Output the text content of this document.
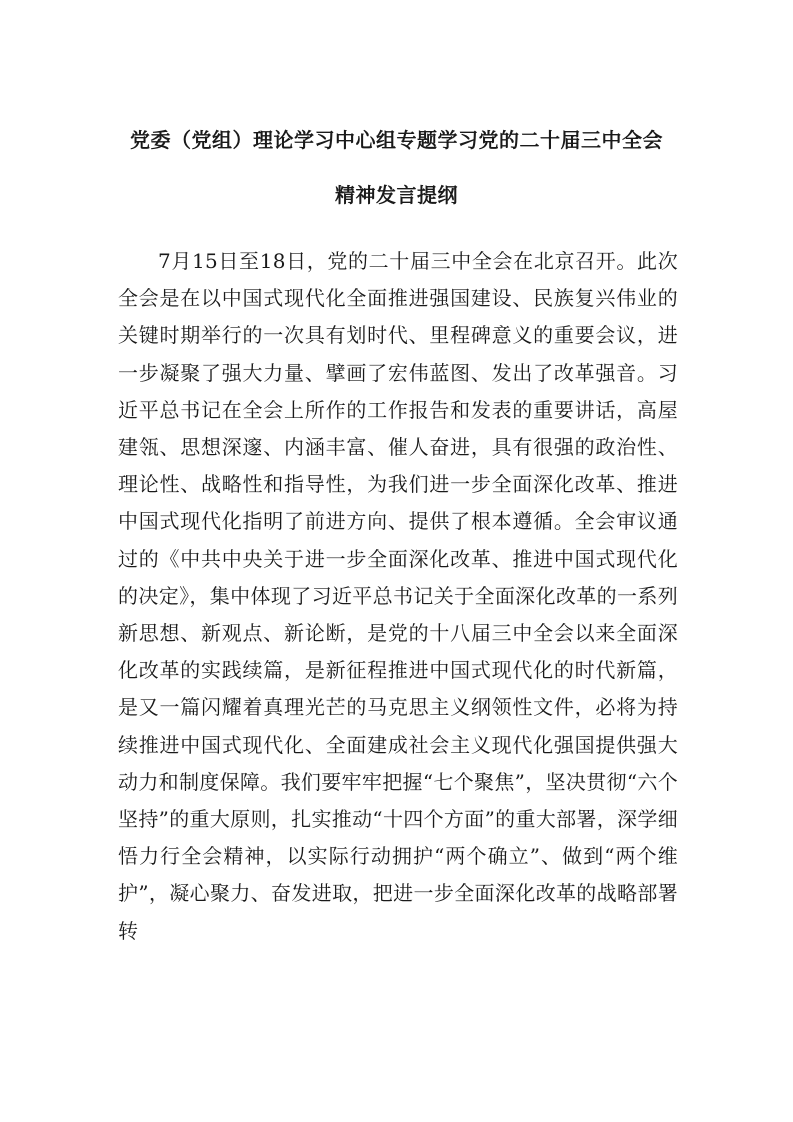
党委（党组）理论学习中心组专题学习党的二十届三中全会
精神发言提纲

7月15日至18日，党的二十届三中全会在北京召开。此次全会是在以中国式现代化全面推进强国建设、民族复兴伟业的关键时期举行的一次具有划时代、里程碑意义的重要会议，进一步凝聚了强大力量、擘画了宏伟蓝图、发出了改革强音。习近平总书记在全会上所作的工作报告和发表的重要讲话，高屋建瓴、思想深邃、内涵丰富、催人奋进，具有很强的政治性、理论性、战略性和指导性，为我们进一步全面深化改革、推进中国式现代化指明了前进方向、提供了根本遵循。全会审议通过的《中共中央关于进一步全面深化改革、推进中国式现代化的决定》，集中体现了习近平总书记关于全面深化改革的一系列新思想、新观点、新论断，是党的十八届三中全会以来全面深化改革的实践续篇，是新征程推进中国式现代化的时代新篇，是又一篇闪耀着真理光芒的马克思主义纲领性文件，必将为持续推进中国式现代化、全面建成社会主义现代化强国提供强大动力和制度保障。我们要牢牢把握“七个聚焦”，坚决贯彻“六个坚持”的重大原则，扎实推动“十四个方面”的重大部署，深学细悟力行全会精神，以实际行动拥护“两个确立”、做到“两个维护”，凝心聚力、奋发进取，把进一步全面深化改革的战略部署转
